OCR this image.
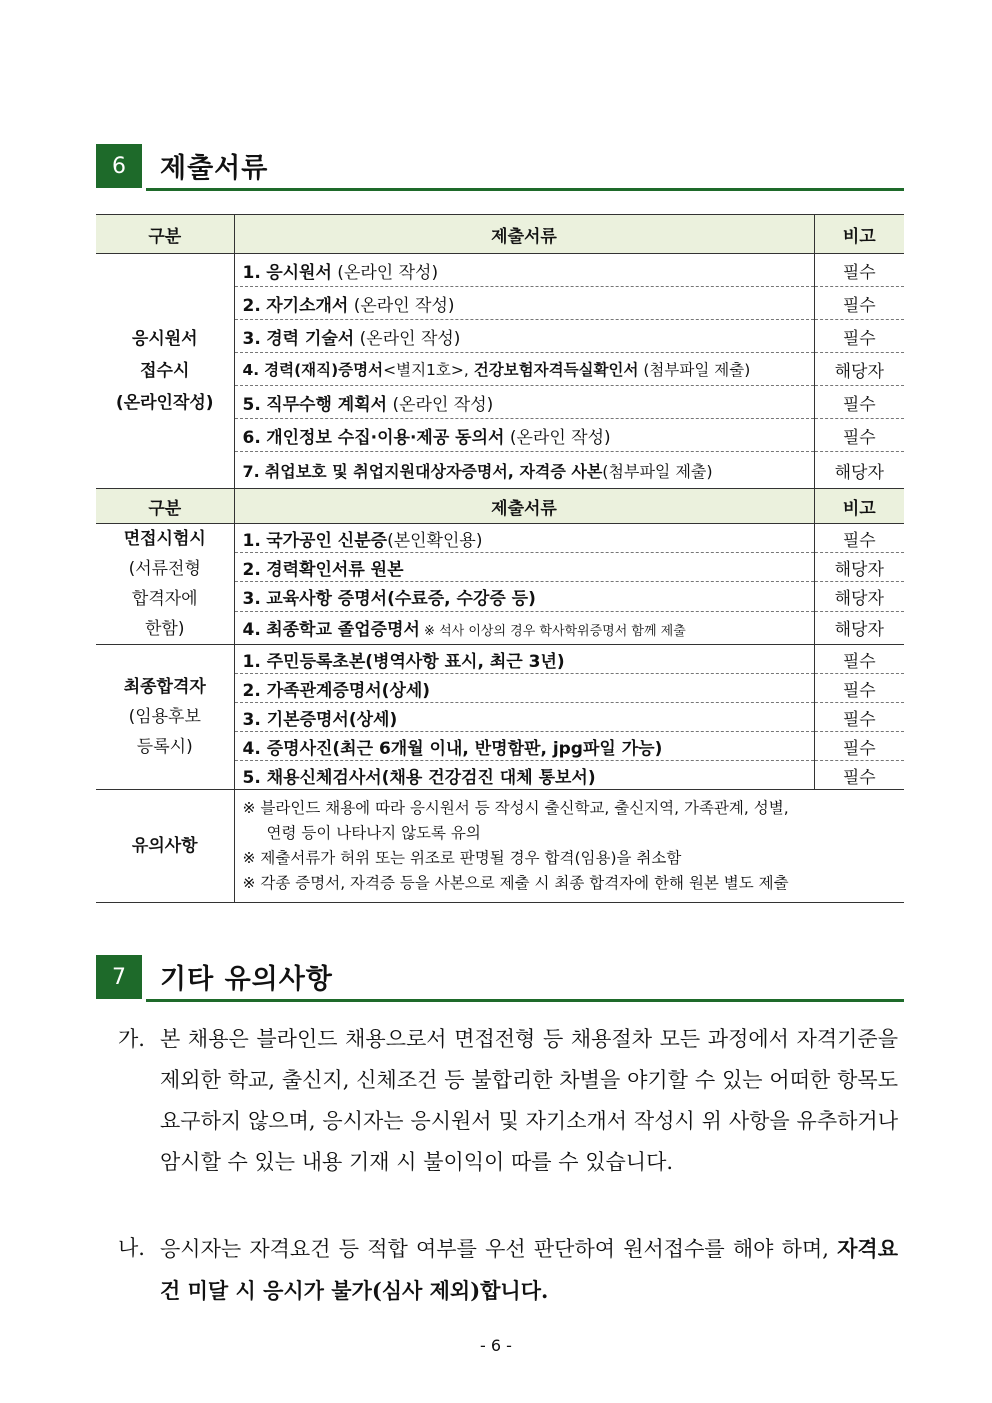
6	제출서류
구분	제출서류	비고
응시원서
접수시
(온라인작성)	1. 응시원서 (온라인 작성)	필수
	2. 자기소개서 (온라인 작성)	필수
	3. 경력 기술서 (온라인 작성)	필수
	4. 경력(재직)증명서<별지1호>, 건강보험자격득실확인서 (첨부파일 제출)	해당자
	5. 직무수행 계획서 (온라인 작성)	필수
	6. 개인정보 수집·이용·제공 동의서 (온라인 작성)	필수
	7. 취업보호 및 취업지원대상자증명서, 자격증 사본(첨부파일 제출)	해당자
구분	제출서류	비고
면접시험시
(서류전형
합격자에
한함)	1. 국가공인 신분증(본인확인용)	필수
	2. 경력확인서류 원본	해당자
	3. 교육사항 증명서(수료증, 수강증 등)	해당자
	4. 최종학교 졸업증명서 ※ 석사 이상의 경우 학사학위증명서 함께 제출	해당자
최종합격자
(임용후보
등록시)	1. 주민등록초본(병역사항 표시, 최근 3년)	필수
	2. 가족관계증명서(상세)	필수
	3. 기본증명서(상세)	필수
	4. 증명사진(최근 6개월 이내, 반명함판, jpg파일 가능)	필수
	5. 채용신체검사서(채용 건강검진 대체 통보서)	필수
유의사항	※ 블라인드 채용에 따라 응시원서 등 작성시 출신학교, 출신지역, 가족관계, 성별,
연령 등이 나타나지 않도록 유의
※ 제출서류가 허위 또는 위조로 판명될 경우 합격(임용)을 취소함
※ 각종 증명서, 자격증 등을 사본으로 제출 시 최종 합격자에 한해 원본 별도 제출	
7	기타 유의사항
가. 본 채용은 블라인드 채용으로서 면접전형 등 채용절차 모든 과정에서 자격기준을 제외한 학교, 출신지, 신체조건 등 불합리한 차별을 야기할 수 있는 어떠한 항목도 요구하지 않으며, 응시자는 응시원서 및 자기소개서 작성시 위 사항을 유추하거나 암시할 수 있는 내용 기재 시 불이익이 따를 수 있습니다.
나. 응시자는 자격요건 등 적합 여부를 우선 판단하여 원서접수를 해야 하며, 자격요건 미달 시 응시가 불가(심사 제외)합니다.
- 6 -
